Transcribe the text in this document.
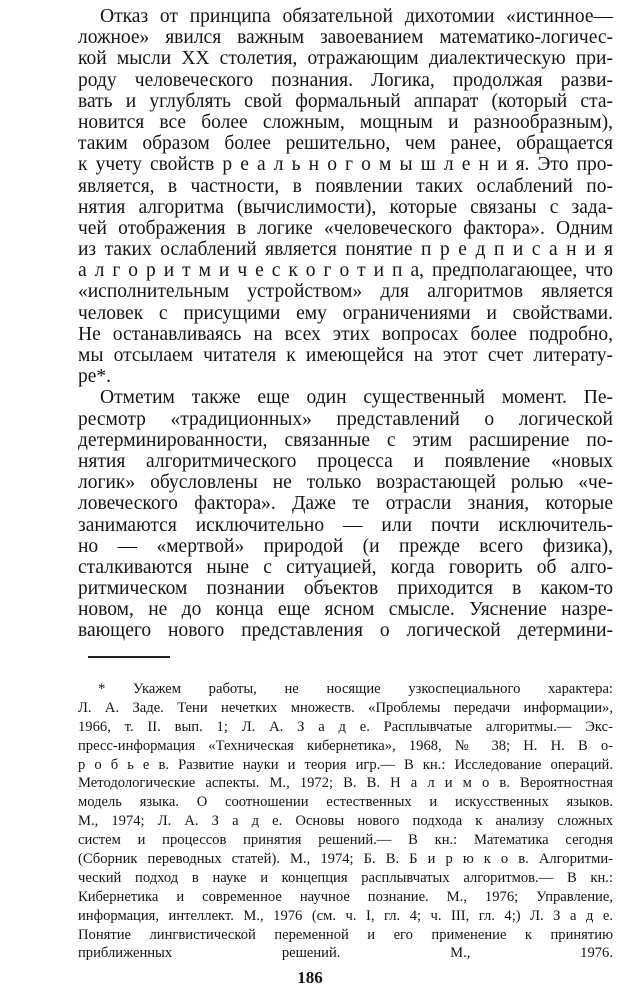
Отказ от принципа обязательной дихотомии «истинное—
ложное» явился важным завоеванием математико-логичес-
кой мысли XX столетия, отражающим диалектическую при-
роду человеческого познания. Логика, продолжая разви-
вать и углублять свой формальный аппарат (который ста-
новится все более сложным, мощным и разнообразным),
таким образом более решительно, чем ранее, обращается
к учету свойств р е а л ь н о г о м ы ш л е н и я. Это про-
является, в частности, в появлении таких ослаблений по-
нятия алгоритма (вычислимости), которые связаны с зада-
чей отображения в логике «человеческого фактора». Одним
из таких ослаблений является понятие п р е д п и с а н и я
а л г о р и т м и ч е с к о г о т и п а, предполагающее, что
«исполнительным устройством» для алгоритмов является
человек с присущими ему ограничениями и свойствами.
Не останавливаясь на всех этих вопросах более подробно,
мы отсылаем читателя к имеющейся на этот счет литерату-
ре*.
Отметим также еще один существенный момент. Пе-
ресмотр «традиционных» представлений о логической
детерминированности, связанные с этим расширение по-
нятия алгоритмического процесса и появление «новых
логик» обусловлены не только возрастающей ролью «че-
ловеческого фактора». Даже те отрасли знания, которые
занимаются исключительно — или почти исключитель-
но — «мертвой» природой (и прежде всего физика),
сталкиваются ныне с ситуацией, когда говорить об алго-
ритмическом познании объектов приходится в каком-то
новом, не до конца еще ясном смысле. Уяснение назре-
вающего нового представления о логической детермини-
* Укажем работы, не носящие узкоспециального характера:
Л. А. Заде. Тени нечетких множеств. «Проблемы передачи информации»,
1966, т. II. вып. 1; Л. А. З а д е. Расплывчатые алгоритмы.— Экс-
пресс-информация «Техническая кибернетика», 1968, № 38; Н. Н. В о-
р о б ь е в. Развитие науки и теория игр.— В кн.: Исследование операций.
Методологические аспекты. М., 1972; В. В. Н а л и м о в. Вероятностная
модель языка. О соотношении естественных и искусственных языков.
М., 1974; Л. А. З а д е. Основы нового подхода к анализу сложных
систем и процессов принятия решений.— В кн.: Математика сегодня
(Сборник переводных статей). М., 1974; Б. В. Б и р ю к о в. Алгоритми-
ческий подход в науке и концепция расплывчатых алгоритмов.— В кн.:
Кибернетика и современное научное познание. М., 1976; Управление,
информация, интеллект. М., 1976 (см. ч. I, гл. 4; ч. III, гл. 4;) Л. З а д е.
Понятие лингвистической переменной и его применение к принятию
приближенных решений. М., 1976.
186
